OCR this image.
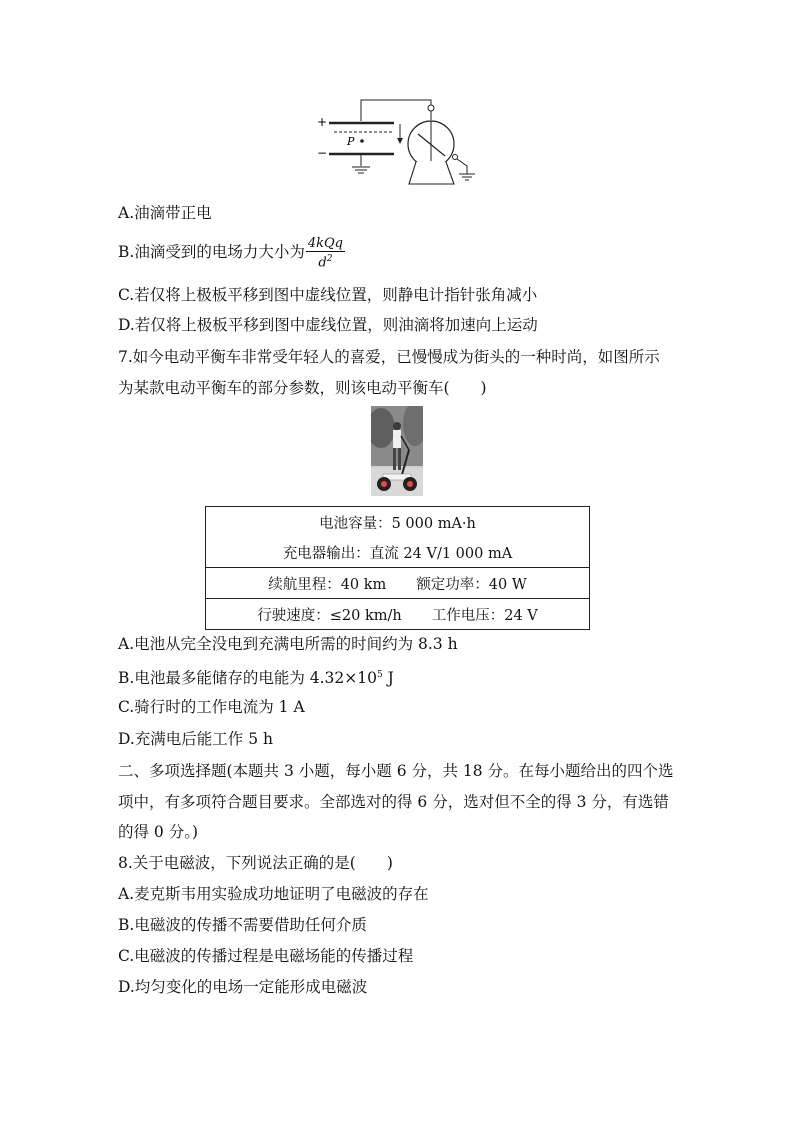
+
−
P
A.油滴带正电
B.油滴受到的电场力大小为 $\frac{\text{4kQq}}{d^2}$
C.若仅将上极板平移到图中虚线位置，则静电计指针张角减小
D.若仅将上极板平移到图中虚线位置，则油滴将加速向上运动
7.如今电动平衡车非常受年轻人的喜爱，已慢慢成为街头的一种时尚，如图所示
为某款电动平衡车的部分参数，则该电动平衡车(　　)
电池容量：5 000 mA·h
充电器输出：直流 24 V/1 000 mA
续航里程：40 km 额定功率：40 W
行驶速度：≤20 km/h 工作电压：24 V
A.电池从完全没电到充满电所需的时间约为 8.3 h
B.电池最多能储存的电能为 $4.32\times 10^5$ J
C.骑行时的工作电流为 1 A
D.充满电后能工作 5 h
二、多项选择题(本题共 3 小题，每小题 6 分，共 18 分。在每小题给出的四个选
项中，有多项符合题目要求。全部选对的得 6 分，选对但不全的得 3 分，有选错
的得 0 分。)
8.关于电磁波，下列说法正确的是(　　)
A.麦克斯韦用实验成功地证明了电磁波的存在
B.电磁波的传播不需要借助任何介质
C.电磁波的传播过程是电磁场能的传播过程
D.均匀变化的电场一定能形成电磁波
